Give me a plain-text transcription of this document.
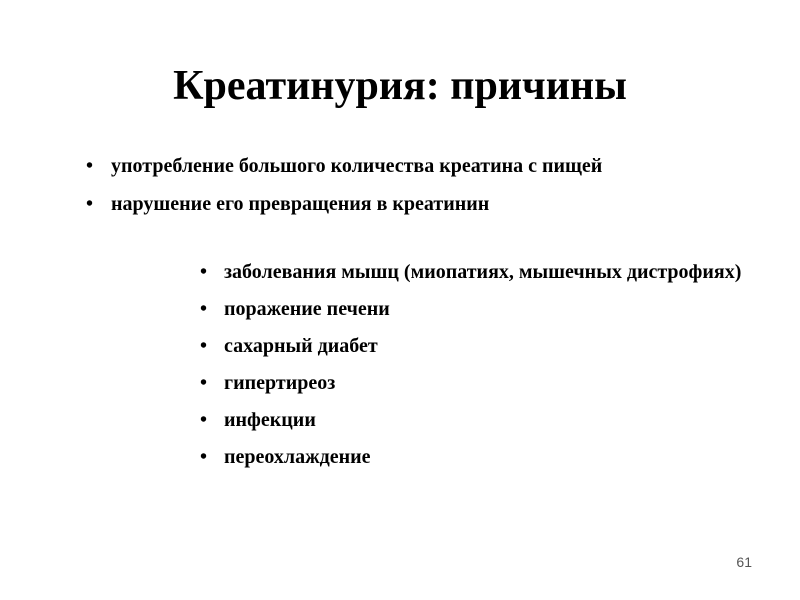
Креатинурия: причины
• употребление большого количества креатина с пищей
• нарушение его превращения в креатинин
• заболевания мышц (миопатиях, мышечных дистрофиях)
• поражение печени
• сахарный диабет
• гипертиреоз
• инфекции
• переохлаждение
61
